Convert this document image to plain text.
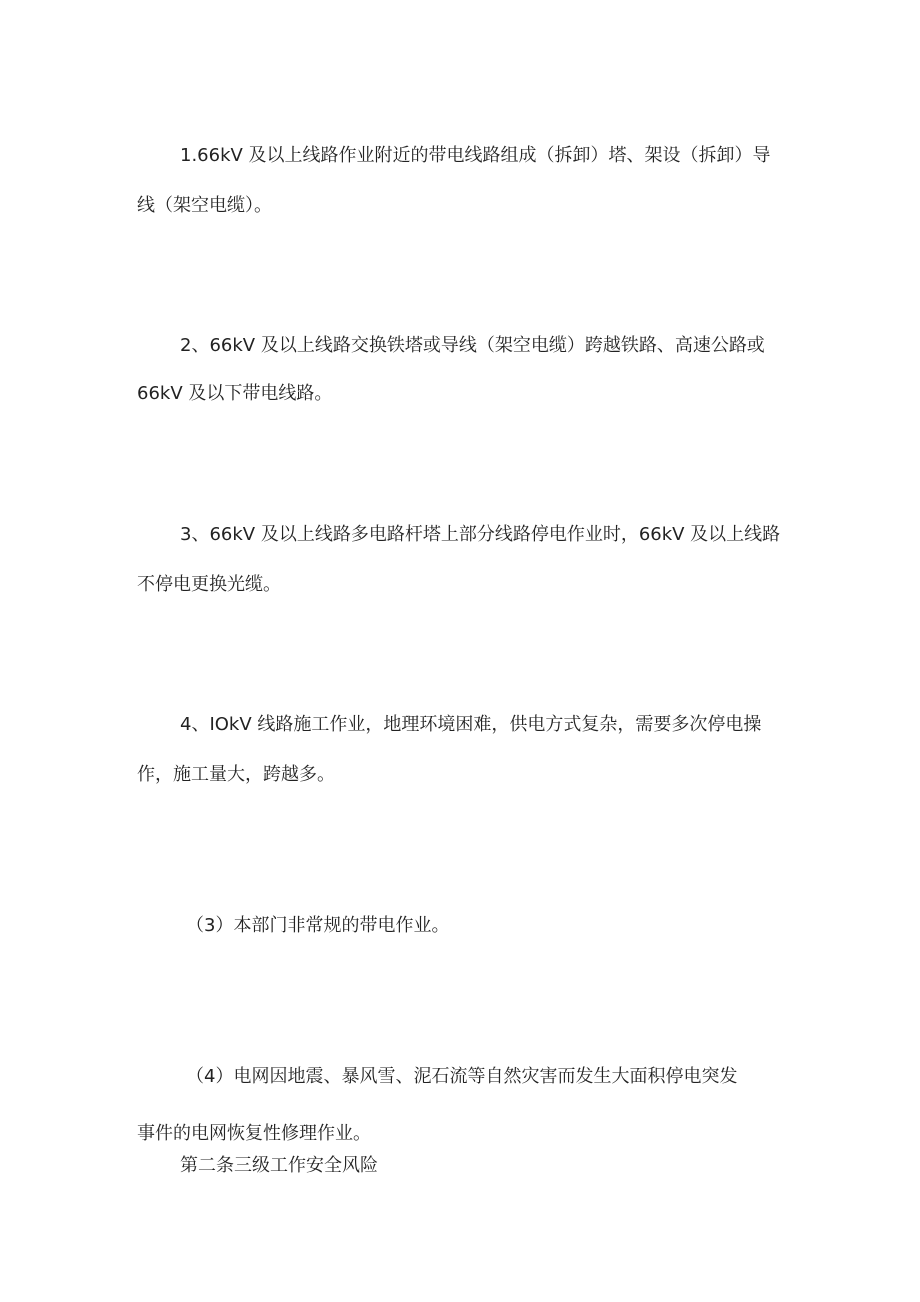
1.66kV 及以上线路作业附近的带电线路组成（拆卸）塔、架设（拆卸）导
线（架空电缆）。
2、66kV 及以上线路交换铁塔或导线（架空电缆）跨越铁路、高速公路或
66kV 及以下带电线路。
3、66kV 及以上线路多电路杆塔上部分线路停电作业时，66kV 及以上线路
不停电更换光缆。
4、IOkV 线路施工作业，地理环境困难，供电方式复杂，需要多次停电操
作，施工量大，跨越多。
（3）本部门非常规的带电作业。
（4）电网因地震、暴风雪、泥石流等自然灾害而发生大面积停电突发
事件的电网恢复性修理作业。
第二条三级工作安全风险
